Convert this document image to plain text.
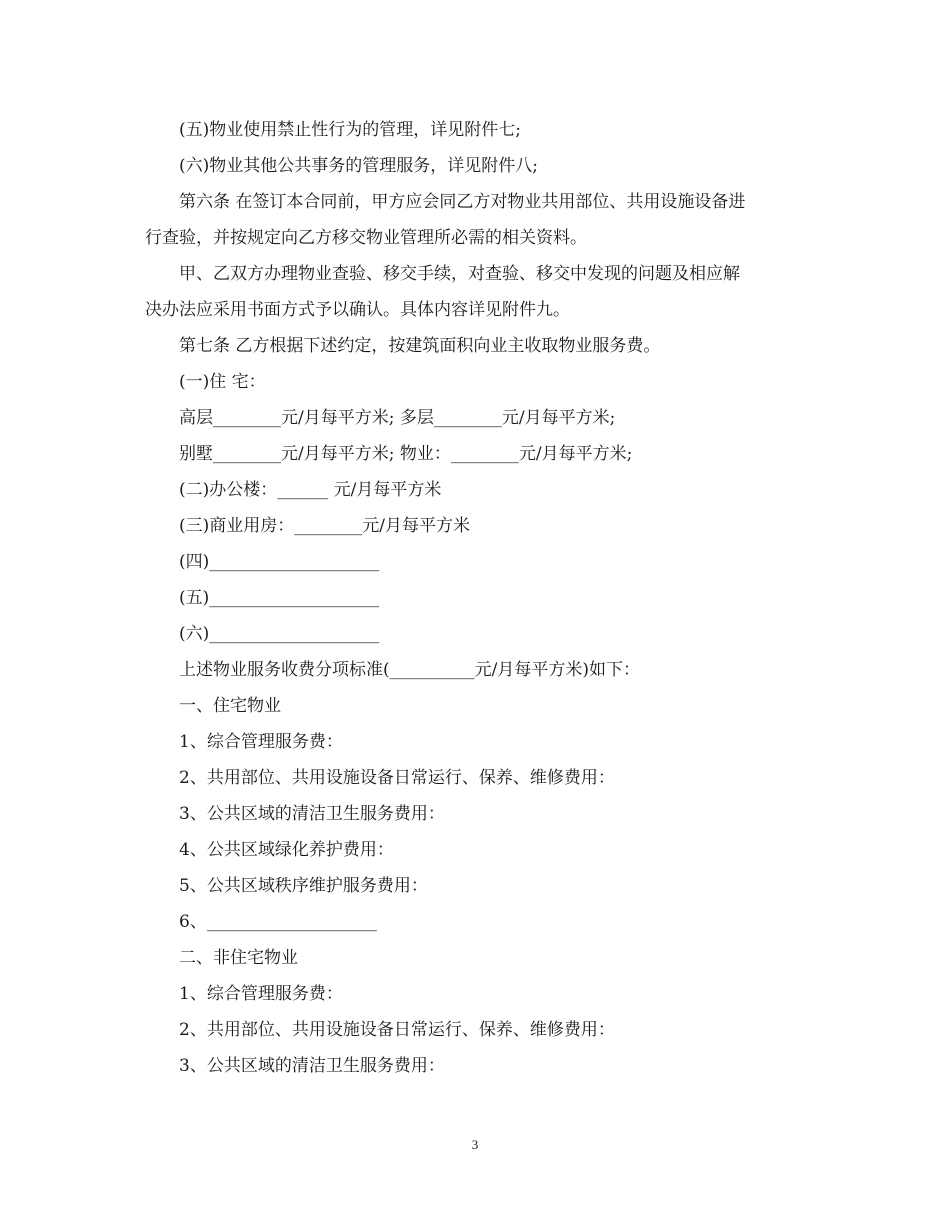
(五)物业使用禁止性行为的管理，详见附件七;

(六)物业其他公共事务的管理服务，详见附件八;

第六条 在签订本合同前，甲方应会同乙方对物业共用部位、共用设施设备进

行查验，并按规定向乙方移交物业管理所必需的相关资料。

甲、乙双方办理物业查验、移交手续，对查验、移交中发现的问题及相应解

决办法应采用书面方式予以确认。具体内容详见附件九。

第七条 乙方根据下述约定，按建筑面积向业主收取物业服务费。

(一)住 宅：

高层________元/月每平方米; 多层________元/月每平方米;

别墅________元/月每平方米; 物业：________元/月每平方米;

(二)办公楼：______ 元/月每平方米

(三)商业用房：________元/月每平方米

(四)____________________

(五)____________________

(六)____________________

上述物业服务收费分项标准(__________元/月每平方米)如下：

一、住宅物业

1、综合管理服务费：

2、共用部位、共用设施设备日常运行、保养、维修费用：

3、公共区域的清洁卫生服务费用：

4、公共区域绿化养护费用：

5、公共区域秩序维护服务费用：

6、____________________

二、非住宅物业

1、综合管理服务费：

2、共用部位、共用设施设备日常运行、保养、维修费用：

3、公共区域的清洁卫生服务费用：

3
